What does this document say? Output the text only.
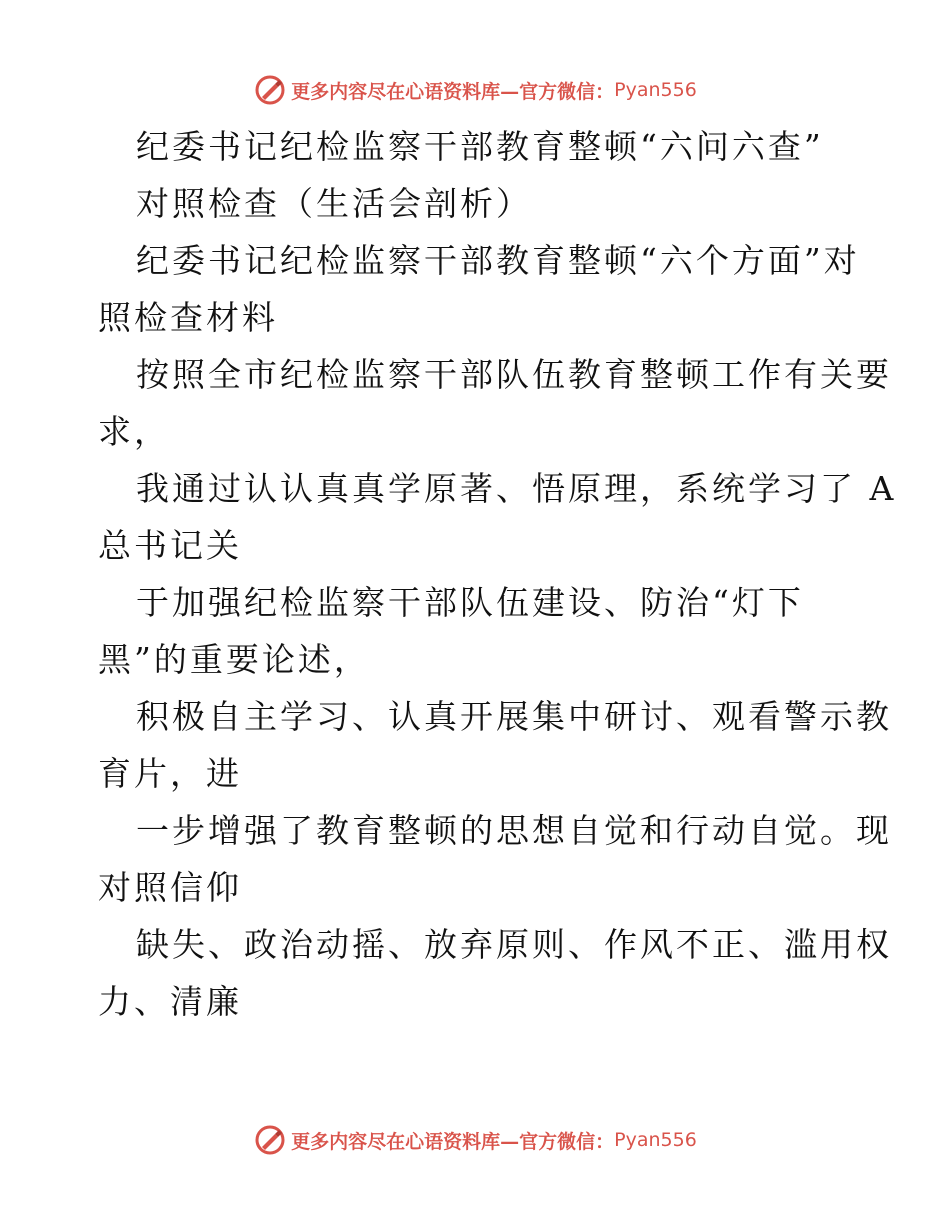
更多内容尽在心语资料库—官方微信： Pyan556
纪委书记纪检监察干部教育整顿“六问六查”
对照检查（生活会剖析）
纪委书记纪检监察干部教育整顿“六个方面”对
照检查材料
按照全市纪检监察干部队伍教育整顿工作有关要
求，
我通过认认真真学原著、悟原理，系统学习了 A
总书记关
于加强纪检监察干部队伍建设、防治“灯下
黑”的重要论述，
积极自主学习、认真开展集中研讨、观看警示教
育片，进
一步增强了教育整顿的思想自觉和行动自觉。现
对照信仰
缺失、政治动摇、放弃原则、作风不正、滥用权
力、清廉
更多内容尽在心语资料库—官方微信： Pyan556
